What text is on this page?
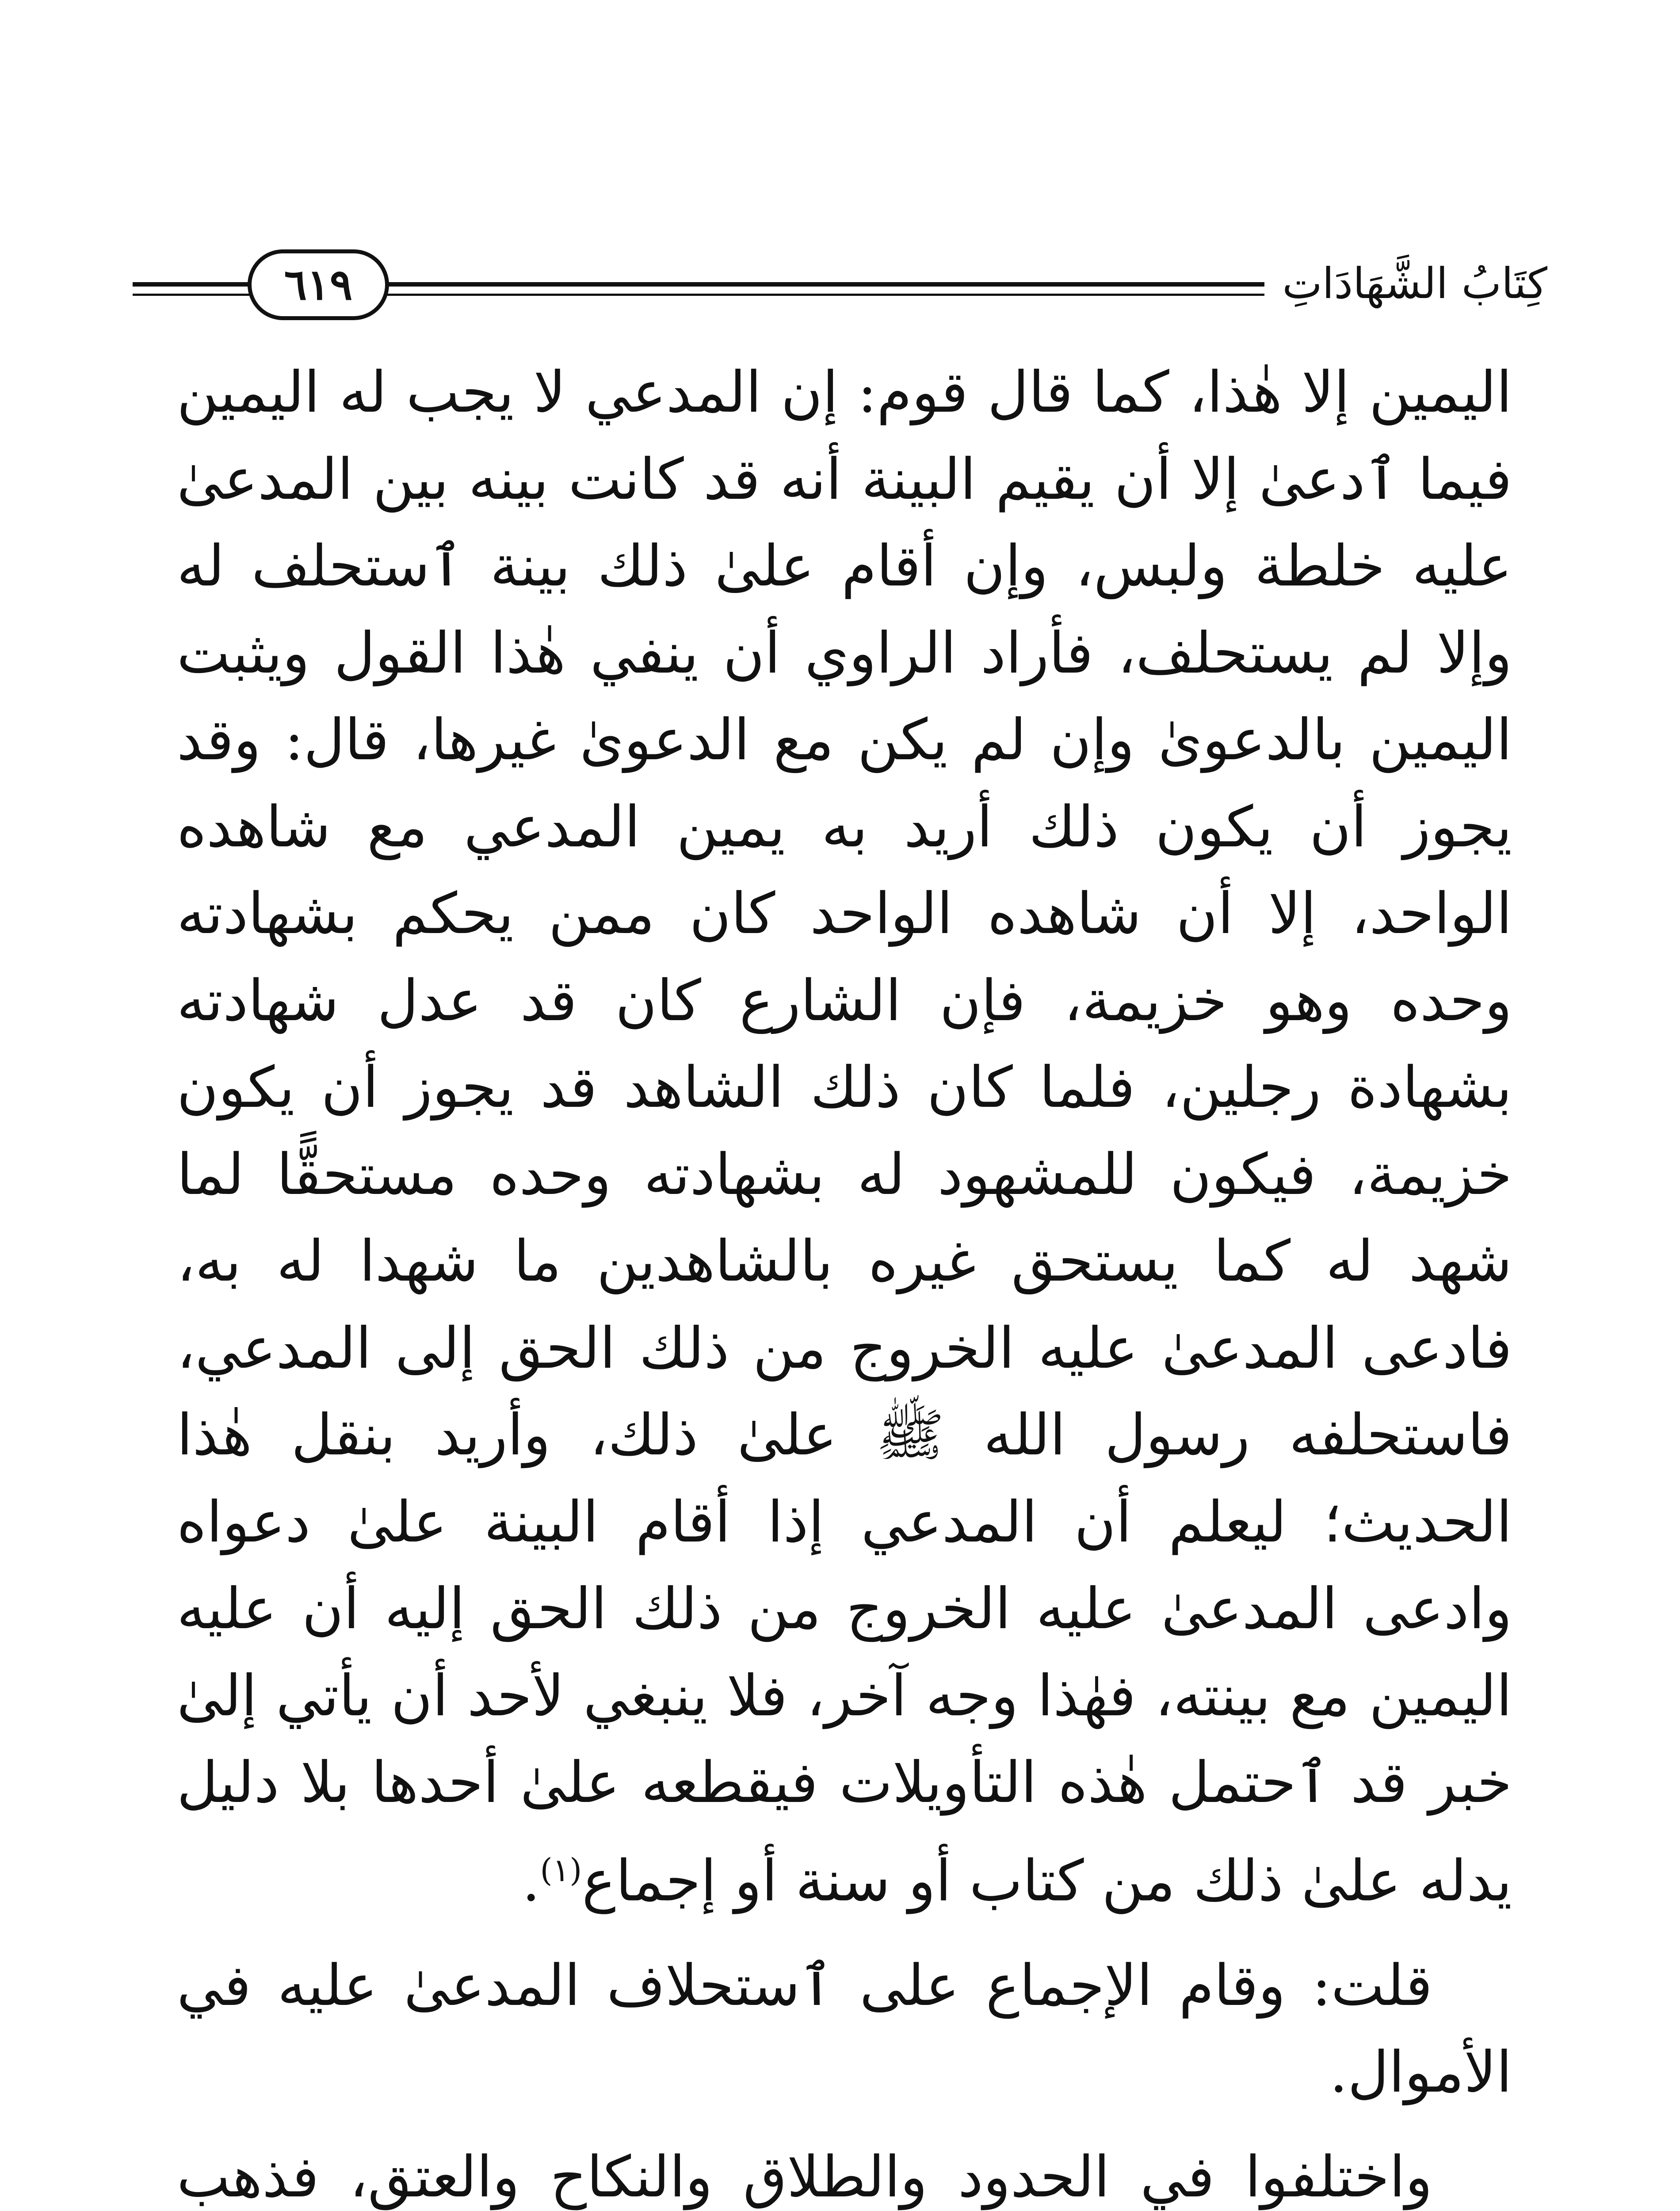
٦١٩	كِتَابُ الشَّهَادَاتِ

اليمين إلا هٰذا، كما قال قوم: إن المدعي لا يجب له اليمين فيما ٱدعىٰ إلا أن يقيم البينة أنه قد كانت بينه بين المدعىٰ عليه خلطة ولبس، وإن أقام علىٰ ذلك بينة ٱستحلف له وإلا لم يستحلف، فأراد الراوي أن ينفي هٰذا القول ويثبت اليمين بالدعوىٰ وإن لم يكن مع الدعوىٰ غيرها، قال: وقد يجوز أن يكون ذلك أريد به يمين المدعي مع شاهده الواحد، إلا أن شاهده الواحد كان ممن يحكم بشهادته وحده وهو خزيمة، فإن الشارع كان قد عدل شهادته بشهادة رجلين، فلما كان ذلك الشاهد قد يجوز أن يكون خزيمة، فيكون للمشهود له بشهادته وحده مستحقًّا لما شهد له كما يستحق غيره بالشاهدين ما شهدا له به، فادعى المدعىٰ عليه الخروج من ذلك الحق إلى المدعي، فاستحلفه رسول الله ﷺ علىٰ ذلك، وأريد بنقل هٰذا الحديث؛ ليعلم أن المدعي إذا أقام البينة علىٰ دعواه وادعى المدعىٰ عليه الخروج من ذلك الحق إليه أن عليه اليمين مع بينته، فهٰذا وجه آخر، فلا ينبغي لأحد أن يأتي إلىٰ خبر قد ٱحتمل هٰذه التأويلات فيقطعه علىٰ أحدها بلا دليل يدله علىٰ ذلك من كتاب أو سنة أو إجماع$^{(١)}$.

قلت: وقام الإجماع على ٱستحلاف المدعىٰ عليه في الأموال.

واختلفوا في الحدود والطلاق والنكاح والعتق، فذهب
